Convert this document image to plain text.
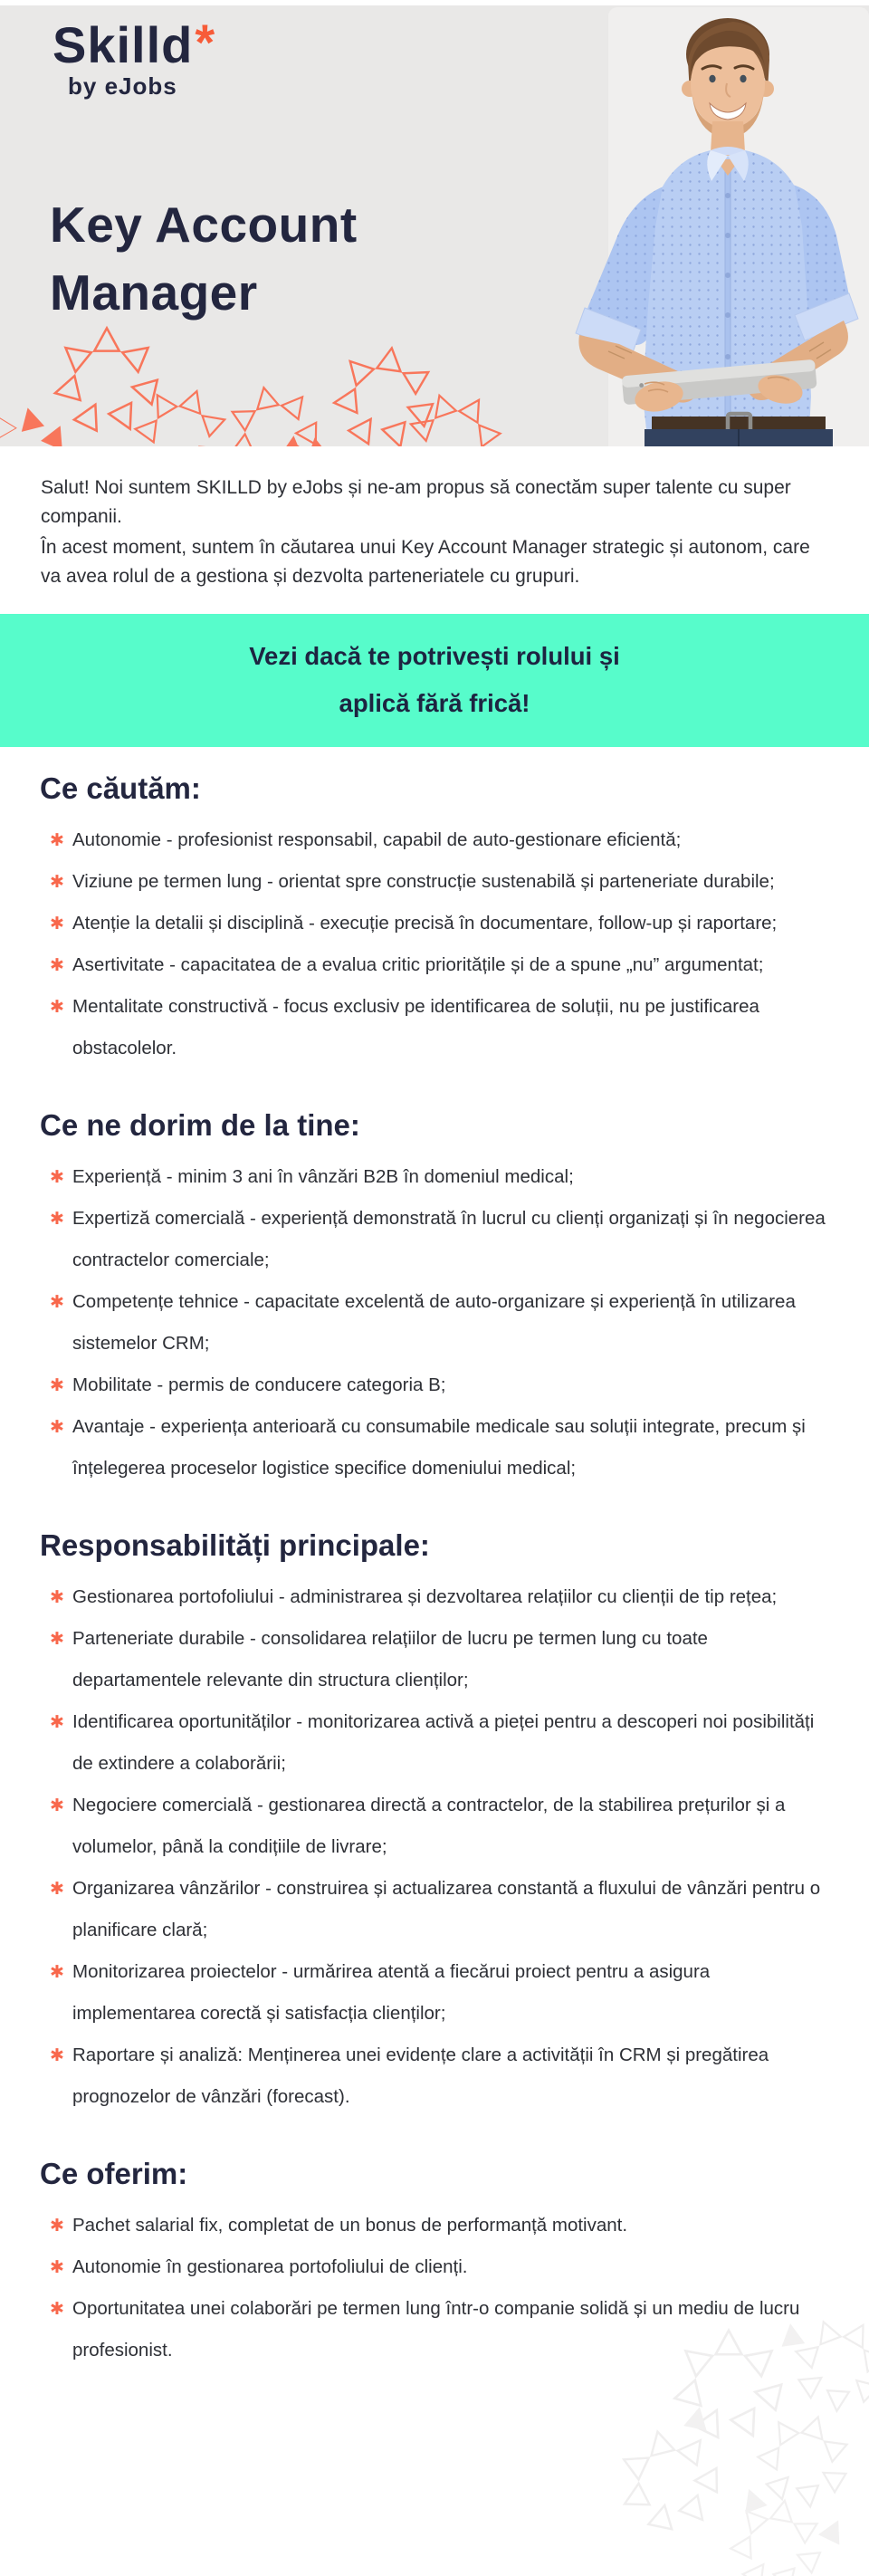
Skilld*
by eJobs
Key Account Manager

Salut! Noi suntem SKILLD by eJobs și ne-am propus să conectăm super talente cu super companii.

În acest moment, suntem în căutarea unui Key Account Manager strategic și autonom, care va avea rolul de a gestiona și dezvolta parteneriatele cu grupuri.

Vezi dacă te potrivești rolului și
aplică fără frică!
Ce căutăm:
✱ Autonomie - profesionist responsabil, capabil de auto-gestionare eficientă;
✱ Viziune pe termen lung - orientat spre construcție sustenabilă și parteneriate durabile;
✱ Atenție la detalii și disciplină - execuție precisă în documentare, follow-up și raportare;
✱ Asertivitate - capacitatea de a evalua critic prioritățile și de a spune „nu” argumentat;
✱ Mentalitate constructivă - focus exclusiv pe identificarea de soluții, nu pe justificarea obstacolelor.
Ce ne dorim de la tine:
✱ Experiență - minim 3 ani în vânzări B2B în domeniul medical;
✱ Expertiză comercială - experiență demonstrată în lucrul cu clienți organizați și în negocierea contractelor comerciale;
✱ Competențe tehnice - capacitate excelentă de auto-organizare și experiență în utilizarea sistemelor CRM;
✱ Mobilitate - permis de conducere categoria B;
✱ Avantaje - experiența anterioară cu consumabile medicale sau soluții integrate, precum și înțelegerea proceselor logistice specifice domeniului medical;
Responsabilități principale:
✱ Gestionarea portofoliului - administrarea și dezvoltarea relațiilor cu clienții de tip rețea;
✱ Parteneriate durabile - consolidarea relațiilor de lucru pe termen lung cu toate departamentele relevante din structura clienților;
✱ Identificarea oportunităților - monitorizarea activă a pieței pentru a descoperi noi posibilități de extindere a colaborării;
✱ Negociere comercială - gestionarea directă a contractelor, de la stabilirea prețurilor și a volumelor, până la condițiile de livrare;
✱ Organizarea vânzărilor - construirea și actualizarea constantă a fluxului de vânzări pentru o planificare clară;
✱ Monitorizarea proiectelor - urmărirea atentă a fiecărui proiect pentru a asigura implementarea corectă și satisfacția clienților;
✱ Raportare și analiză: Menținerea unei evidențe clare a activității în CRM și pregătirea prognozelor de vânzări (forecast).
Ce oferim:
✱ Pachet salarial fix, completat de un bonus de performanță motivant.
✱ Autonomie în gestionarea portofoliului de clienți.
✱ Oportunitatea unei colaborări pe termen lung într-o companie solidă și un mediu de lucru profesionist.
